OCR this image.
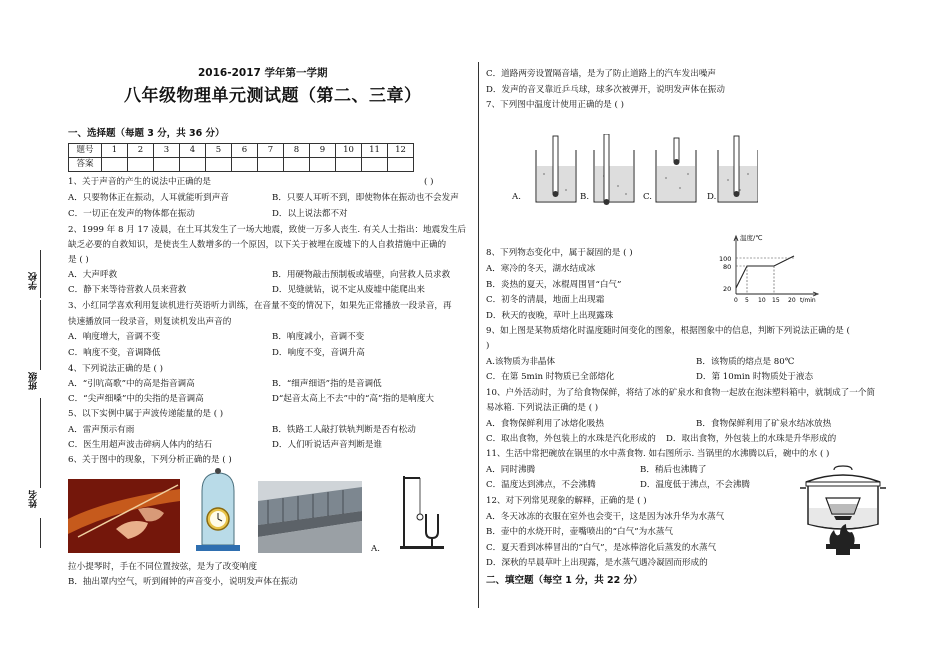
学校
班级
姓名
2016-2017 学年第一学期
八年级物理单元测试题（第二、三章）
一、选择题（每题 3 分，共 36 分）
题号	1	2	3	4	5	6	7	8	9	10	11	12
答案												
1、关于声音的产生的说法中正确的是	( )
A．只要物体正在振动，人耳就能听到声音	B．只要人耳听不到，即使物体在振动也不会发声
C．一切正在发声的物体都在振动	D．以上说法都不对
2、1999 年 8 月 17 凌晨，在土耳其发生了一场大地震，致使一万多人丧生. 有关人士指出：地震发生后
缺乏必要的自救知识，是使丧生人数增多的一个原因，以下关于被埋在废墟下的人自救措施中正确的
是 ( )
A．大声呼救	B．用硬物敲击预制板或墙壁，向营救人员求救
C．静下来等待营救人员来营救	D．见缝就钻，说不定从废墟中能爬出来
3、小红同学喜欢利用复读机进行英语听力训练，在音量不变的情况下，如果先正常播放一段录音，再
快速播放同一段录音，则复读机发出声音的
A．响度增大，音调不变	B．响度减小，音调不变
C．响度不变，音调降低	D．响度不变，音调升高
4、下列说法正确的是 ( )
A．“引吭高歌”中的高是指音调高	B．“细声细语”指的是音调低
C．“尖声细嗓”中的尖指的是音调高	D“起音太高上不去”中的“高”指的是响度大
5、以下实例中属于声波传递能量的是 ( )
A．雷声预示有雨	B．铁路工人敲打铁轨判断是否有松动
C．医生用超声波击碎病人体内的结石	D．人们听说话声音判断是谁
6、关于图中的现象，下列分析正确的是 ( )
A.
拉小提琴时，手在不同位置按弦，是为了改变响度
B．抽出罩内空气，听到闹钟的声音变小，说明发声体在振动
C．道路两旁设置隔音墙，是为了防止道路上的汽车发出噪声
D．发声的音叉靠近乒乓球，球多次被弹开，说明发声体在振动
7、下列图中温度计使用正确的是 ( )
A.	B.	C.	D.
8、下列物态变化中，属于凝固的是 ( )
A．寒冷的冬天，湖水结成冰
B．炎热的夏天，冰棍周围冒“白气”
C．初冬的清晨，地面上出现霜
D．秋天的夜晚，草叶上出现露珠
温度/℃
100
80
20
0 5 10 15 20 t/min
9、如上图是某物质熔化时温度随时间变化的图象，根据图象中的信息，判断下列说法正确的是 (
)
A.该物质为非晶体	B．该物质的熔点是 80℃
C．在第 5min 时物质已全部熔化	D．第 10min 时物质处于液态
10、户外活动时，为了给食物保鲜，将结了冰的矿泉水和食物一起放在泡沫塑料箱中，就制成了一个简
易冰箱. 下列说法正确的是 ( )
A．食物保鲜利用了冰熔化吸热	B．食物保鲜利用了矿泉水结冰放热
C．取出食物，外包装上的水珠是汽化形成的 D．取出食物，外包装上的水珠是升华形成的
11、生活中常把碗放在锅里的水中蒸食物. 如右图所示. 当锅里的水沸腾以后，碗中的水 ( )
A．同时沸腾	B．稍后也沸腾了
C．温度达到沸点，不会沸腾	D．温度低于沸点，不会沸腾
12、对下列常见现象的解释，正确的是 ( )
A．冬天冰冻的衣服在室外也会变干，这是因为冰升华为水蒸气
B．壶中的水烧开时，壶嘴喷出的“白气”为水蒸气
C．夏天看到冰棒冒出的“白气”，是冰棒溶化后蒸发的水蒸气
D．深秋的早晨草叶上出现露，是水蒸气遇冷凝固而形成的
二、填空题（每空 1 分，共 22 分）
